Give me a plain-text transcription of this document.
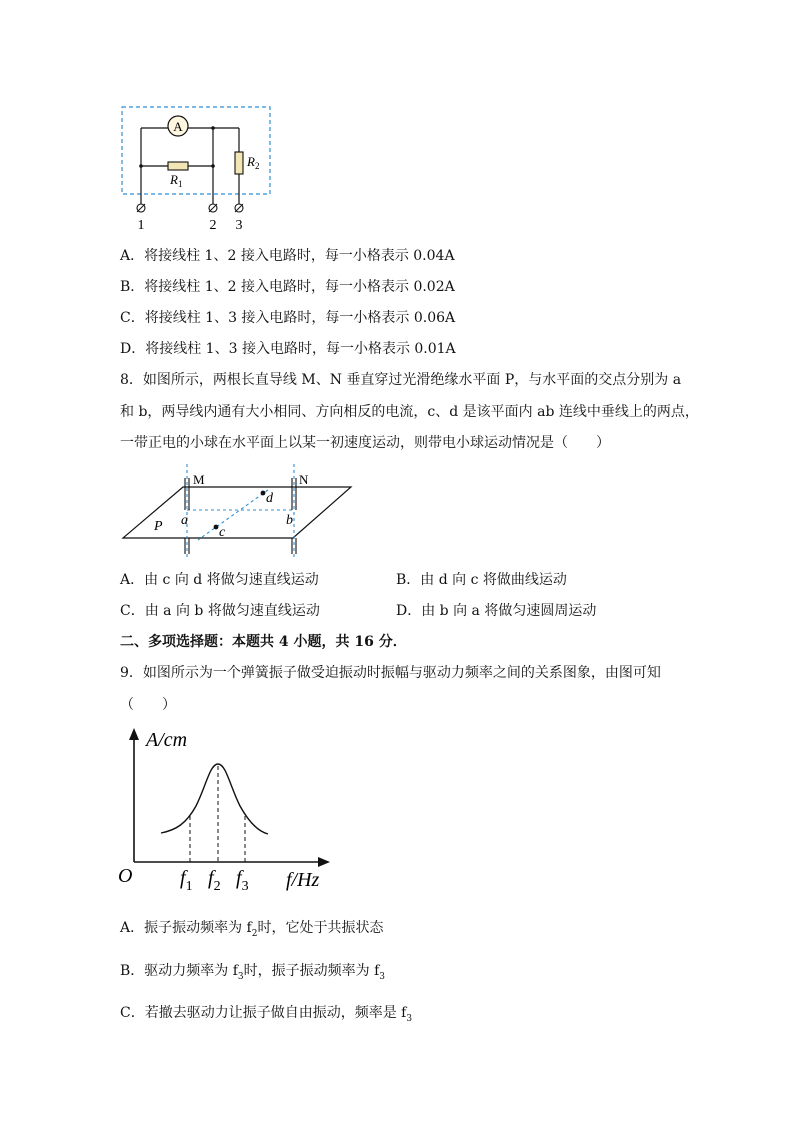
A
$R_1$
$R_2$
1	2 3
A．将接线柱 1、2 接入电路时，每一小格表示 0.04A
B．将接线柱 1、2 接入电路时，每一小格表示 0.02A
C．将接线柱 1、3 接入电路时，每一小格表示 0.06A
D．将接线柱 1、3 接入电路时，每一小格表示 0.01A
8．如图所示，两根长直导线 M、N 垂直穿过光滑绝缘水平面 P，与水平面的交点分别为 a
和 b，两导线内通有大小相同、方向相反的电流，c、d 是该平面内 ab 连线中垂线上的两点，
一带正电的小球在水平面上以某一初速度运动，则带电小球运动情况是（　　）
M	N
d
c
a	b
P
A．由 c 向 d 将做匀速直线运动	B．由 d 向 c 将做曲线运动
C．由 a 向 b 将做匀速直线运动	D．由 b 向 a 将做匀速圆周运动
二、多项选择题：本题共 4 小题，共 16 分．
9．如图所示为一个弹簧振子做受迫振动时振幅与驱动力频率之间的关系图象，由图可知
（　　）
A/cm
O	f/Hz
$f_1$ $f_2$ $f_3$
A．振子振动频率为 $f_2$时，它处于共振状态
B．驱动力频率为 $f_3$时，振子振动频率为 $f_3$
C．若撤去驱动力让振子做自由振动，频率是 $f_3$
